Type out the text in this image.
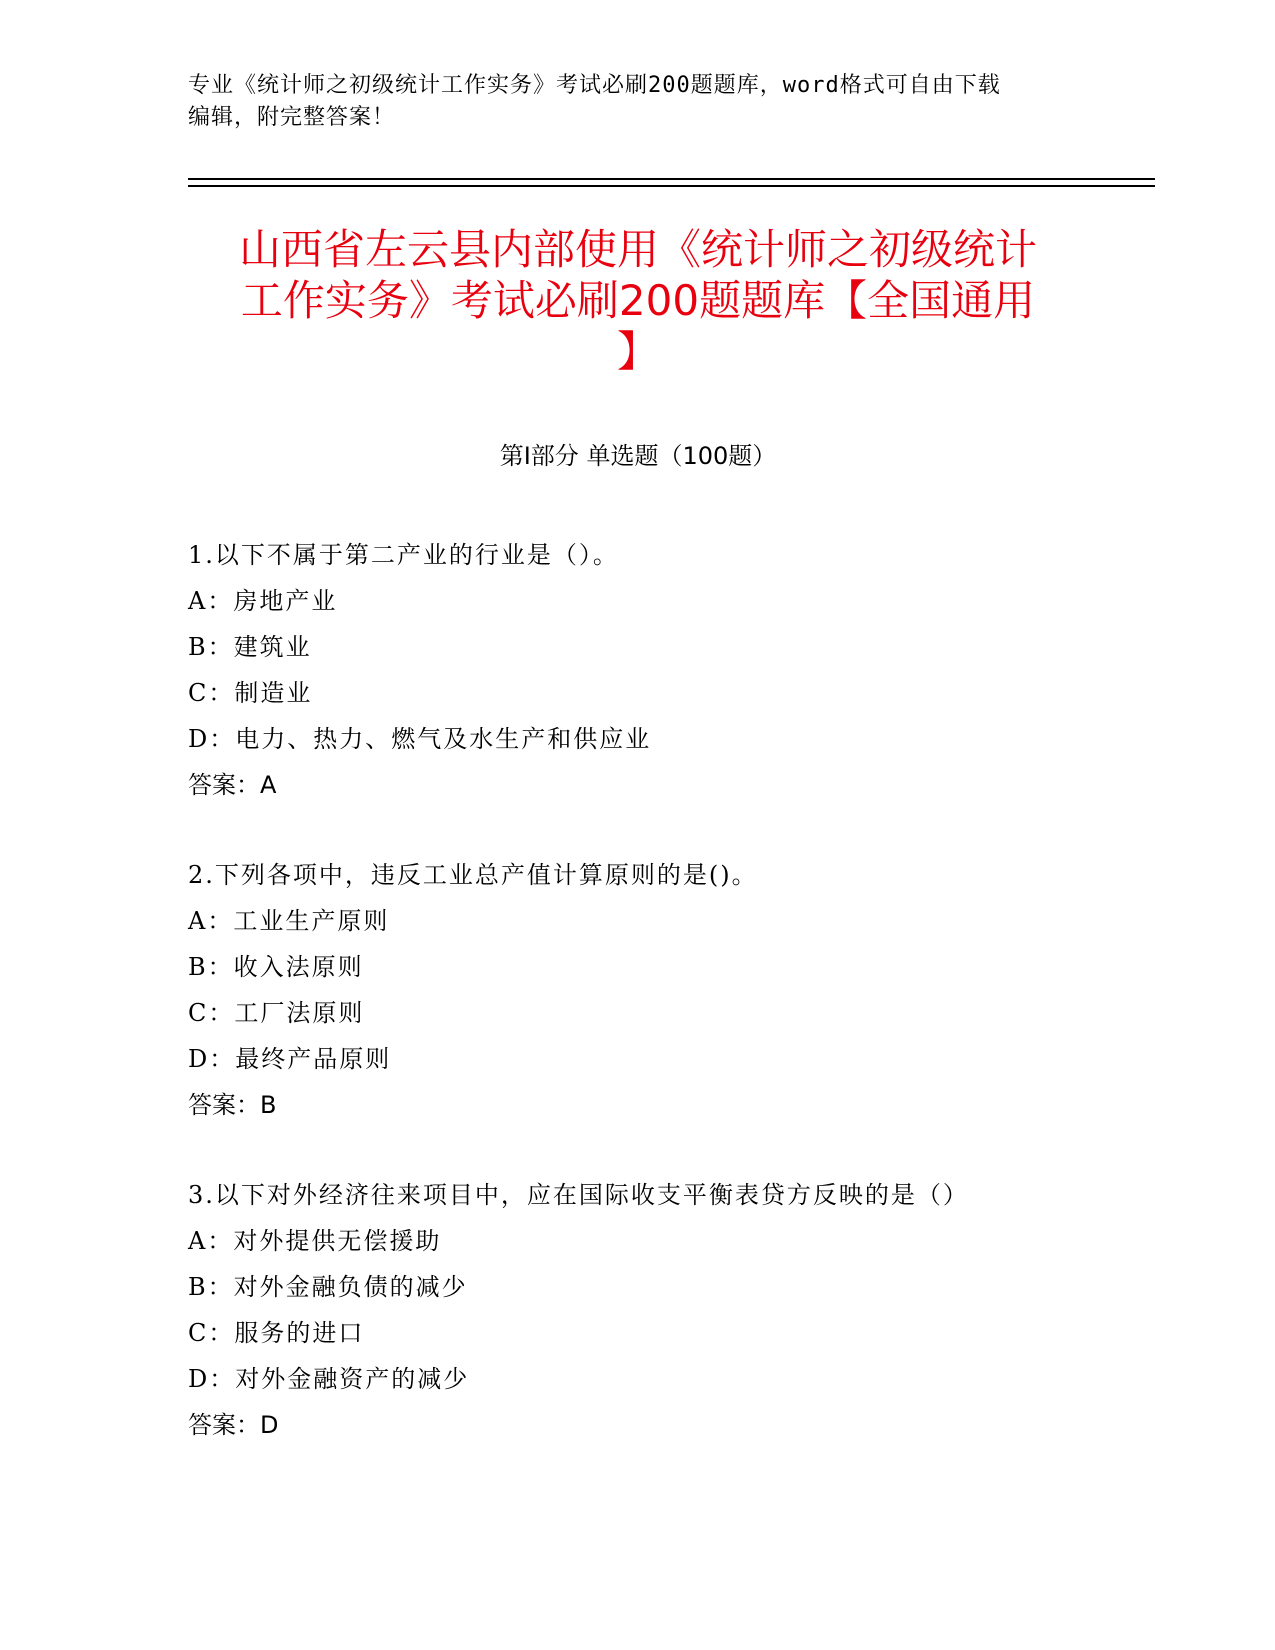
专业《统计师之初级统计工作实务》考试必刷200题题库，word格式可自由下载
编辑，附完整答案！
山西省左云县内部使用《统计师之初级统计
工作实务》考试必刷200题题库【全国通用
】
第I部分 单选题（100题）
1.以下不属于第二产业的行业是（）。
A：房地产业
B：建筑业
C：制造业
D：电力、热力、燃气及水生产和供应业
答案：A
2.下列各项中，违反工业总产值计算原则的是()。
A：工业生产原则
B：收入法原则
C：工厂法原则
D：最终产品原则
答案：B
3.以下对外经济往来项目中，应在国际收支平衡表贷方反映的是（）
A：对外提供无偿援助
B：对外金融负债的减少
C：服务的进口
D：对外金融资产的减少
答案：D
